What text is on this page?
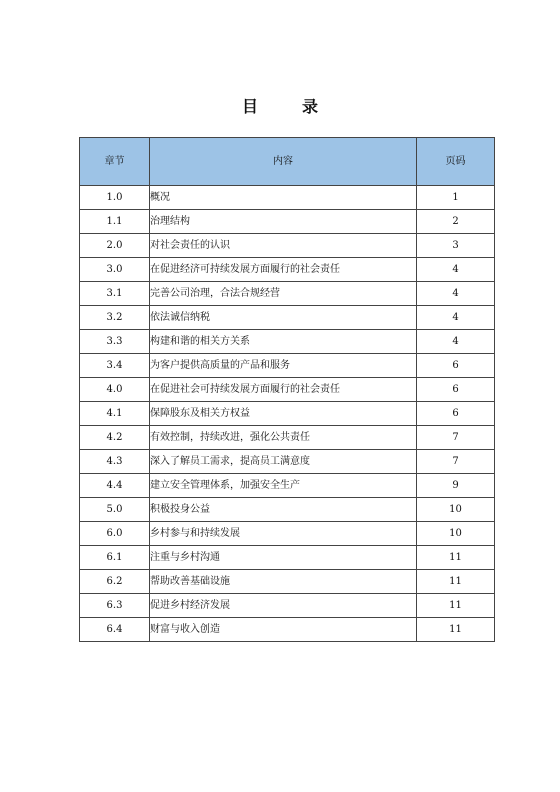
目　录
章节	内容	页码
1.0	概况	1
1.1	治理结构	2
2.0	对社会责任的认识	3
3.0	在促进经济可持续发展方面履行的社会责任	4
3.1	完善公司治理，合法合规经营	4
3.2	依法诚信纳税	4
3.3	构建和谐的相关方关系	4
3.4	为客户提供高质量的产品和服务	6
4.0	在促进社会可持续发展方面履行的社会责任	6
4.1	保障股东及相关方权益	6
4.2	有效控制，持续改进，强化公共责任	7
4.3	深入了解员工需求，提高员工满意度	7
4.4	建立安全管理体系，加强安全生产	9
5.0	积极投身公益	10
6.0	乡村参与和持续发展	10
6.1	注重与乡村沟通	11
6.2	帮助改善基础设施	11
6.3	促进乡村经济发展	11
6.4	财富与收入创造	11
